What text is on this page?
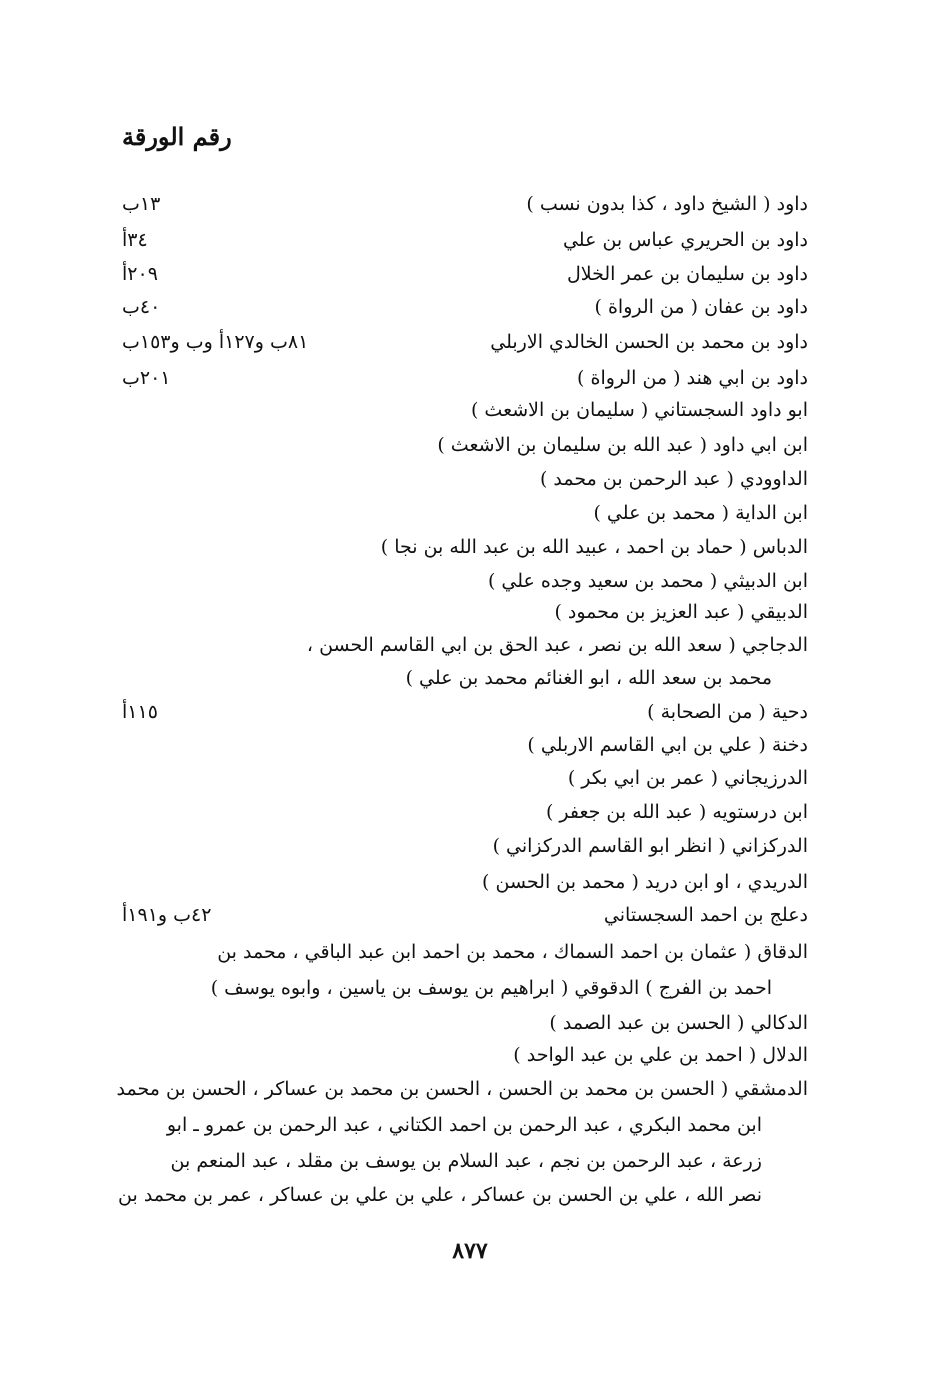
رقم الورقة
داود ( الشيخ داود ، كذا بدون نسب )
١٣ب
داود بن الحريري عباس بن علي
٣٤أ
داود بن سليمان بن عمر الخلال
٢٠٩أ
داود بن عفان ( من الرواة )
٤٠ب
داود بن محمد بن الحسن الخالدي الاربلي
٨١ب و١٢٧أ وب و١٥٣ب
داود بن ابي هند ( من الرواة )
٢٠١ب
ابو داود السجستاني ( سليمان بن الاشعث )
ابن ابي داود ( عبد الله بن سليمان بن الاشعث )
الداوودي ( عبد الرحمن بن محمد )
ابن الداية ( محمد بن علي )
الدباس ( حماد بن احمد ، عبيد الله بن عبد الله بن نجا )
ابن الدبيثي ( محمد بن سعيد وجده علي )
الدبيقي ( عبد العزيز بن محمود )
الدجاجي ( سعد الله بن نصر ، عبد الحق بن ابي القاسم الحسن ،
محمد بن سعد الله ، ابو الغنائم محمد بن علي )
دحية ( من الصحابة )
١١٥أ
دخنة ( علي بن ابي القاسم الاربلي )
الدرزيجاني ( عمر بن ابي بكر )
ابن درستويه ( عبد الله بن جعفر )
الدركزاني ( انظر ابو القاسم الدركزاني )
الدريدي ، او ابن دريد ( محمد بن الحسن )
دعلج بن احمد السجستاني
٤٢ب و١٩١أ
الدقاق ( عثمان بن احمد السماك ، محمد بن احمد ابن عبد الباقي ، محمد بن
احمد بن الفرج ) الدقوقي ( ابراهيم بن يوسف بن ياسين ، وابوه يوسف )
الدكالي ( الحسن بن عبد الصمد )
الدلال ( احمد بن علي بن عبد الواحد )
الدمشقي ( الحسن بن محمد بن الحسن ، الحسن بن محمد بن عساكر ، الحسن بن محمد
ابن محمد البكري ، عبد الرحمن بن احمد الكتاني ، عبد الرحمن بن عمرو ـ ابو
زرعة ، عبد الرحمن بن نجم ، عبد السلام بن يوسف بن مقلد ، عبد المنعم بن
نصر الله ، علي بن الحسن بن عساكر ، علي بن علي بن عساكر ، عمر بن محمد بن
٨٧٧
